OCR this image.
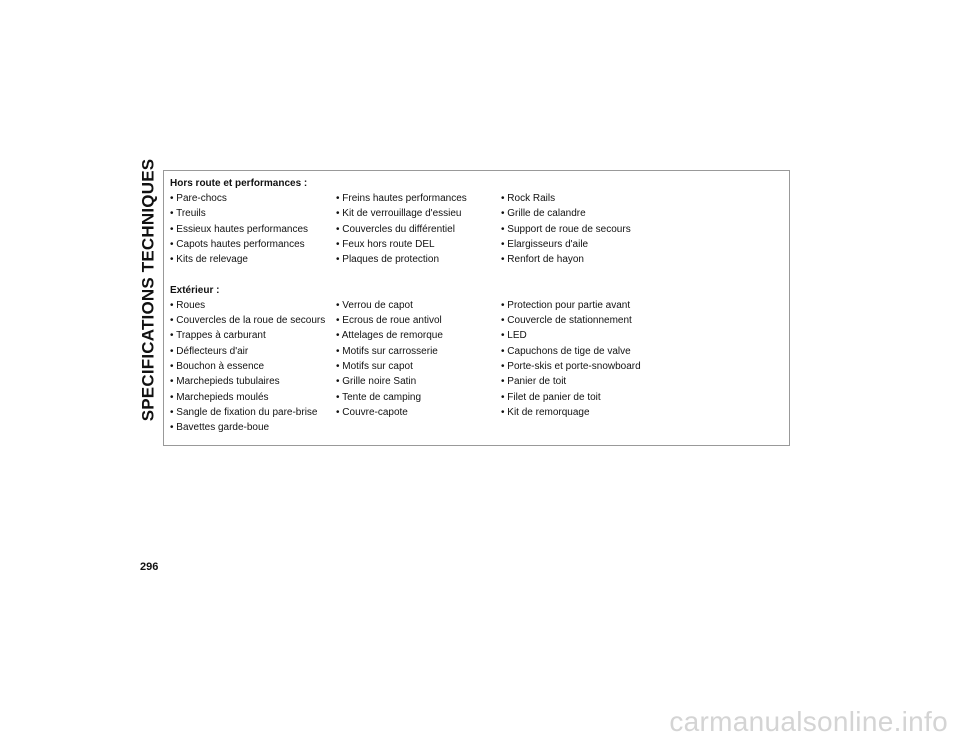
SPECIFICATIONS TECHNIQUES Hors route et performances :
• Pare-chocs	• Freins hautes performances	• Rock Rails
• Treuils	• Kit de verrouillage d'essieu	• Grille de calandre
• Essieux hautes performances	• Couvercles du différentiel	• Support de roue de secours
• Capots hautes performances	• Feux hors route DEL	• Elargisseurs d'aile
• Kits de relevage	• Plaques de protection	• Renfort de hayon
Extérieur :
• Roues	• Verrou de capot	• Protection pour partie avant
• Couvercles de la roue de secours	• Ecrous de roue antivol	• Couvercle de stationnement
• Trappes à carburant	• Attelages de remorque	• LED
• Déflecteurs d'air	• Motifs sur carrosserie	• Capuchons de tige de valve
• Bouchon à essence	• Motifs sur capot	• Porte-skis et porte-snowboard
• Marchepieds tubulaires	• Grille noire Satin	• Panier de toit
• Marchepieds moulés	• Tente de camping	• Filet de panier de toit
• Sangle de fixation du pare-brise	• Couvre-capote	• Kit de remorquage
• Bavettes garde-boue
296
carmanualsonline.info
